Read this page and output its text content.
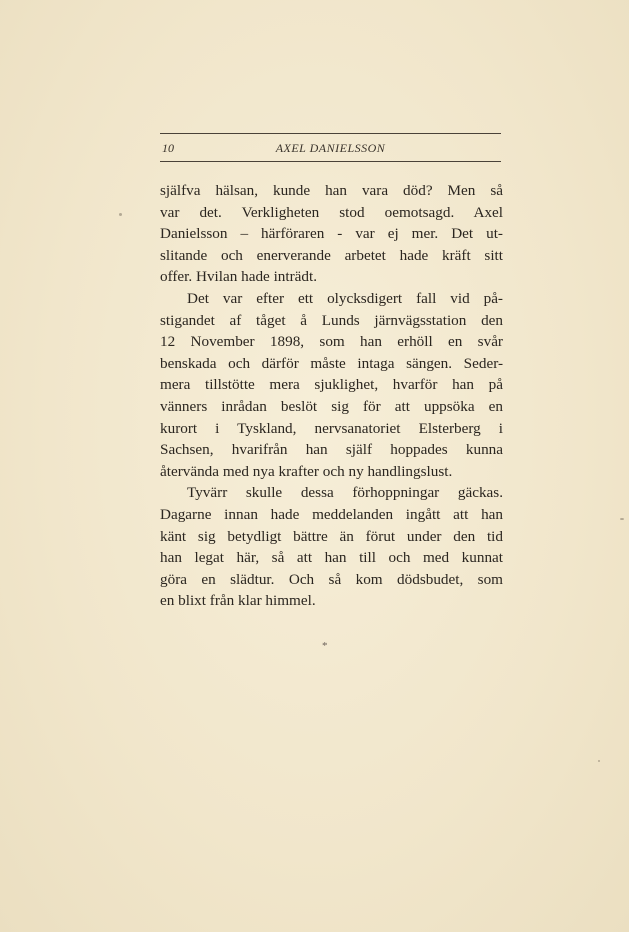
10	AXEL DANIELSSON
själfva hälsan, kunde han vara död? Men så
var det. Verkligheten stod oemotsagd. Axel
Danielsson – härföraren - var ej mer. Det ut-
slitande och enerverande arbetet hade kräft sitt
offer. Hvilan hade inträdt.
Det var efter ett olycksdigert fall vid på-
stigandet af tåget å Lunds järnvägsstation den
12 November 1898, som han erhöll en svår
benskada och därför måste intaga sängen. Seder-
mera tillstötte mera sjuklighet, hvarför han på
vänners inrådan beslöt sig för att uppsöka en
kurort i Tyskland, nervsanatoriet Elsterberg i
Sachsen, hvarifrån han själf hoppades kunna
återvända med nya krafter och ny handlingslust.
Tyvärr skulle dessa förhoppningar gäckas.
Dagarne innan hade meddelanden ingått att han
känt sig betydligt bättre än förut under den tid
han legat här, så att han till och med kunnat
göra en slädtur. Och så kom dödsbudet, som
en blixt från klar himmel.
*
